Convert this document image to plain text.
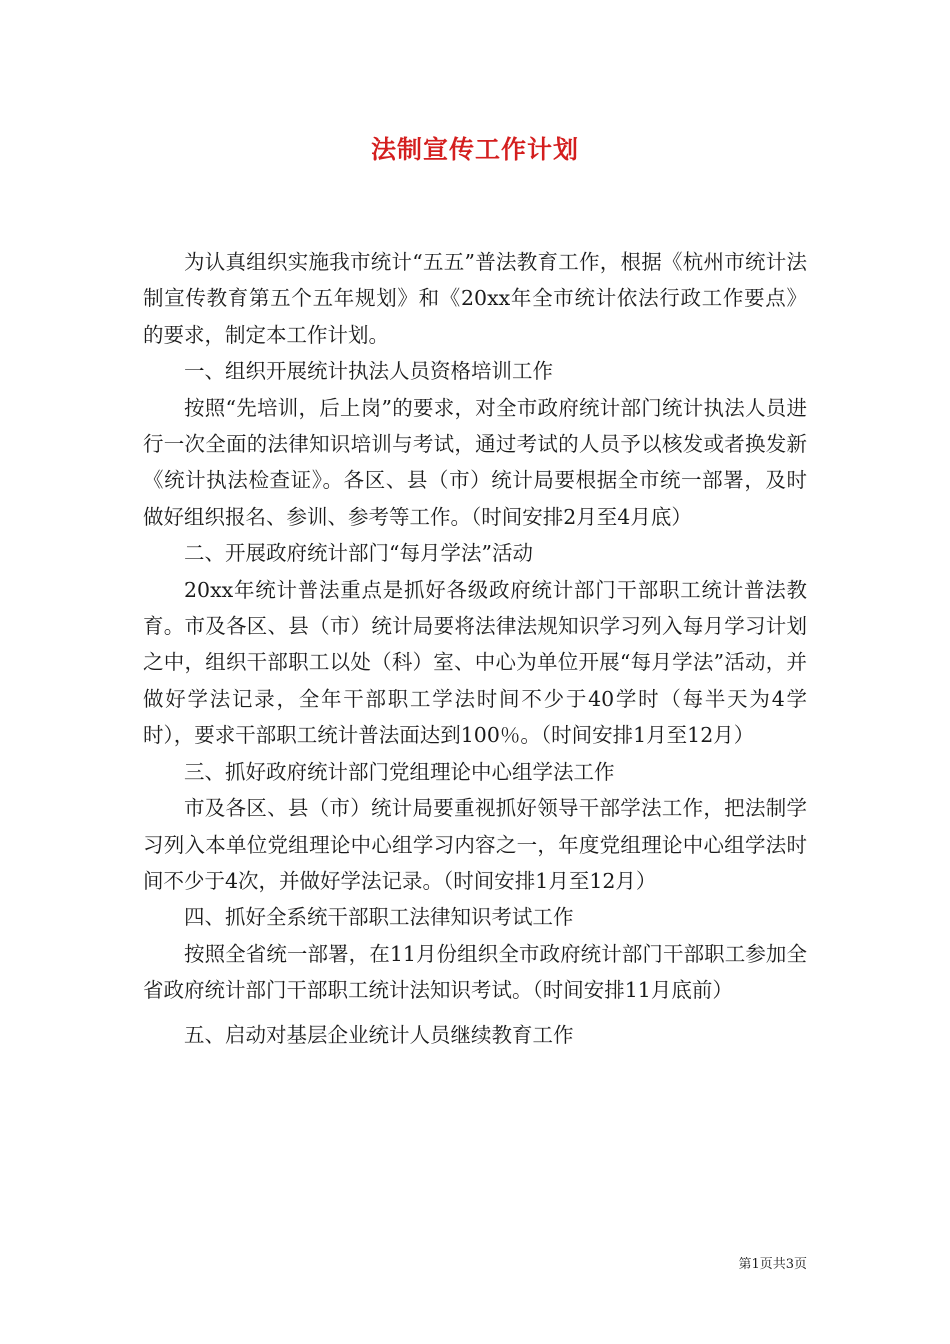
法制宣传工作计划

为认真组织实施我市统计“五五”普法教育工作，根据《杭州市统计法制宣传教育第五个五年规划》和《20xx年全市统计依法行政工作要点》的要求，制定本工作计划。

一、组织开展统计执法人员资格培训工作

按照“先培训，后上岗”的要求，对全市政府统计部门统计执法人员进行一次全面的法律知识培训与考试，通过考试的人员予以核发或者换发新《统计执法检查证》。各区、县（市）统计局要根据全市统一部署，及时做好组织报名、参训、参考等工作。（时间安排2月至4月底）

二、开展政府统计部门“每月学法”活动

20xx年统计普法重点是抓好各级政府统计部门干部职工统计普法教育。市及各区、县（市）统计局要将法律法规知识学习列入每月学习计划之中，组织干部职工以处（科）室、中心为单位开展“每月学法”活动，并做好学法记录，全年干部职工学法时间不少于40学时（每半天为4学时），要求干部职工统计普法面达到100％。（时间安排1月至12月）

三、抓好政府统计部门党组理论中心组学法工作

市及各区、县（市）统计局要重视抓好领导干部学法工作，把法制学习列入本单位党组理论中心组学习内容之一，年度党组理论中心组学法时间不少于4次，并做好学法记录。（时间安排1月至12月）

四、抓好全系统干部职工法律知识考试工作

按照全省统一部署，在11月份组织全市政府统计部门干部职工参加全省政府统计部门干部职工统计法知识考试。（时间安排11月底前）

五、启动对基层企业统计人员继续教育工作

第1页共3页
